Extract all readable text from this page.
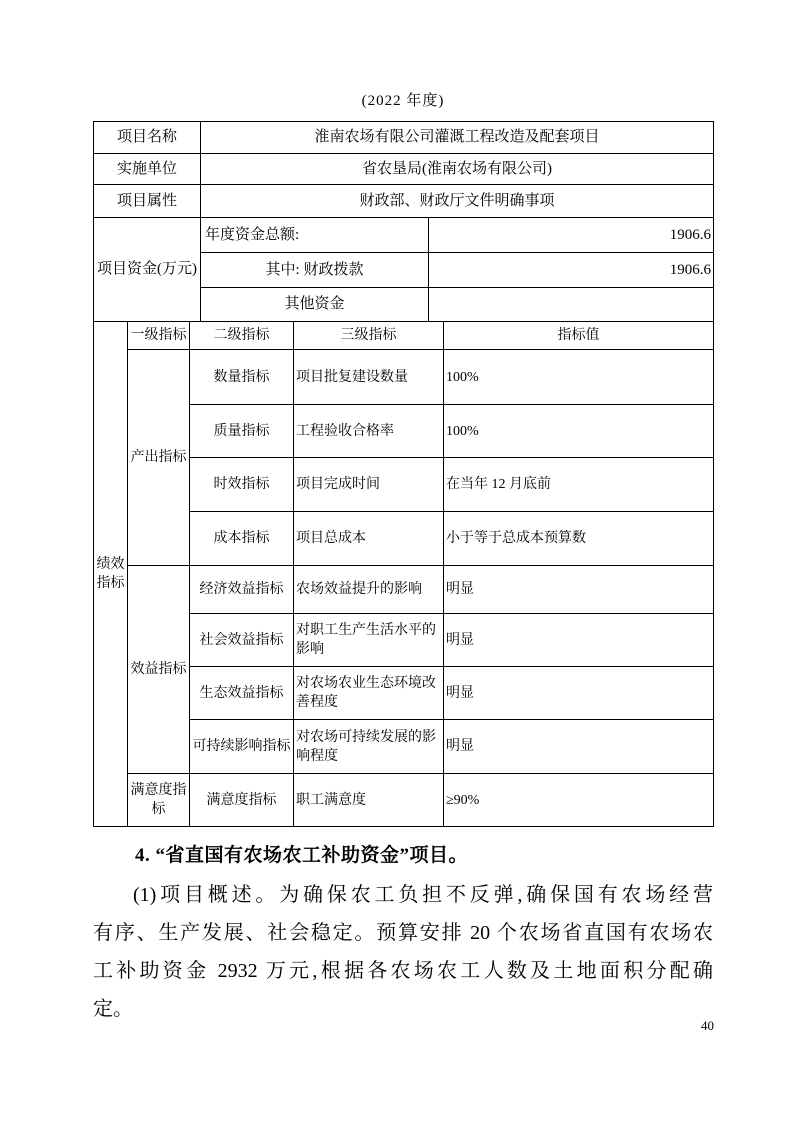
(2022 年度)
项目名称	淮南农场有限公司灌溉工程改造及配套项目	
实施单位	省农垦局(淮南农场有限公司)	
项目属性	财政部、财政厅文件明确事项	
项目资金(万元)	年度资金总额:	1906.6
	其中: 财政拨款	1906.6
	其他资金	
绩效指标	一级指标	二级指标	三级指标	指标值
	产出指标	数量指标	项目批复建设数量	100%
		质量指标	工程验收合格率	100%
		时效指标	项目完成时间	在当年 12 月底前
		成本指标	项目总成本	小于等于总成本预算数
	效益指标	经济效益指标	农场效益提升的影响	明显
		社会效益指标	对职工生产生活水平的影响	明显
		生态效益指标	对农场农业生态环境改善程度	明显
		可持续影响指标	对农场可持续发展的影响程度	明显
	满意度指标	满意度指标	职工满意度	≥90%
4. “省直国有农场农工补助资金”项目。
(1)项目概述。为确保农工负担不反弹,确保国有农场经营
有序、生产发展、社会稳定。预算安排 20 个农场省直国有农场农
工补助资金 2932 万元,根据各农场农工人数及土地面积分配确
定。
40
